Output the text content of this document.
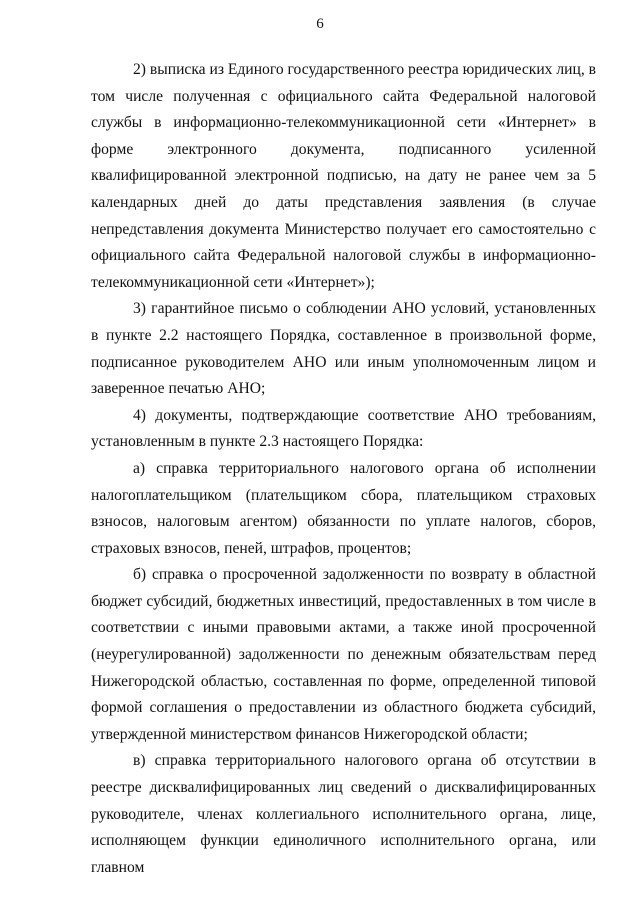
6

2) выписка из Единого государственного реестра юридических лиц, в том числе полученная с официального сайта Федеральной налоговой службы в информационно-телекоммуникационной сети «Интернет» в форме электронного документа, подписанного усиленной квалифицированной электронной подписью, на дату не ранее чем за 5 календарных дней до даты представления заявления (в случае непредставления документа Министерство получает его самостоятельно с официального сайта Федеральной налоговой службы в информационно-телекоммуникационной сети «Интернет»);

3) гарантийное письмо о соблюдении АНО условий, установленных в пункте 2.2 настоящего Порядка, составленное в произвольной форме, подписанное руководителем АНО или иным уполномоченным лицом и заверенное печатью АНО;

4) документы, подтверждающие соответствие АНО требованиям, установленным в пункте 2.3 настоящего Порядка:

а) справка территориального налогового органа об исполнении налогоплательщиком (плательщиком сбора, плательщиком страховых взносов, налоговым агентом) обязанности по уплате налогов, сборов, страховых взносов, пеней, штрафов, процентов;

б) справка о просроченной задолженности по возврату в областной бюджет субсидий, бюджетных инвестиций, предоставленных в том числе в соответствии с иными правовыми актами, а также иной просроченной (неурегулированной) задолженности по денежным обязательствам перед Нижегородской областью, составленная по форме, определенной типовой формой соглашения о предоставлении из областного бюджета субсидий, утвержденной министерством финансов Нижегородской области;

в) справка территориального налогового органа об отсутствии в реестре дисквалифицированных лиц сведений о дисквалифицированных руководителе, членах коллегиального исполнительного органа, лице, исполняющем функции единоличного исполнительного органа, или главном
